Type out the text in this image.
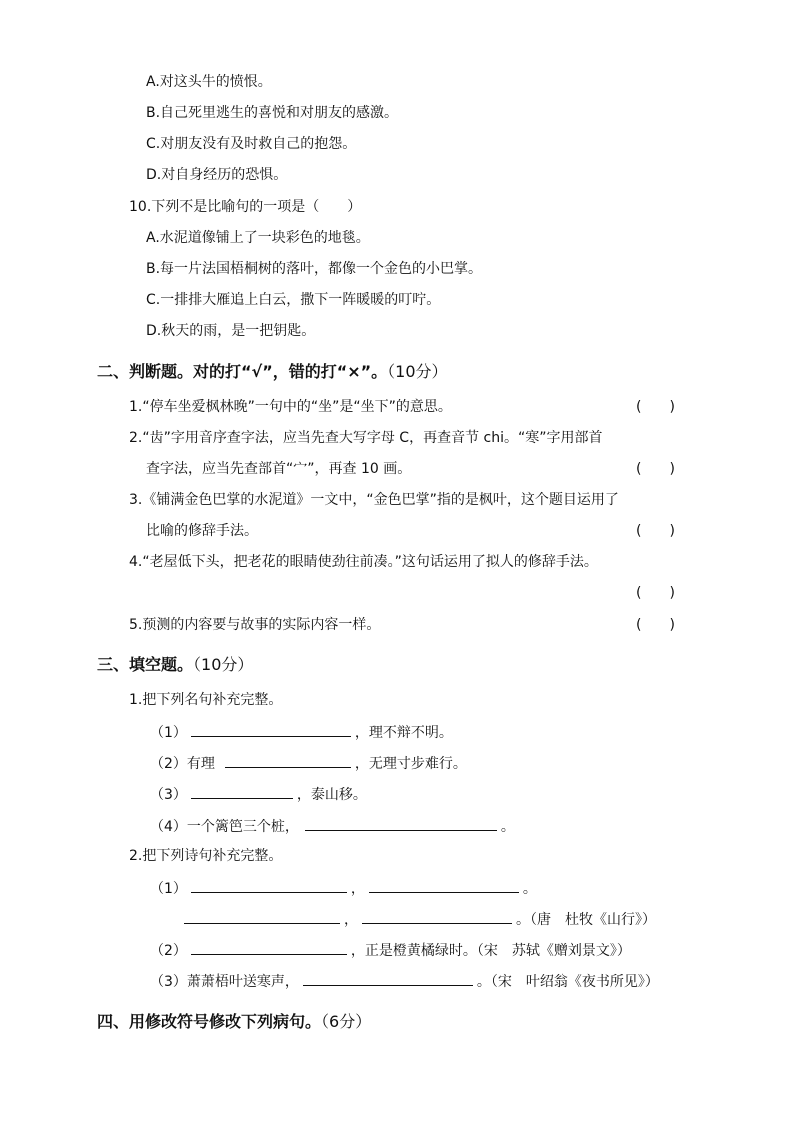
A.对这头牛的愤恨。
B.自己死里逃生的喜悦和对朋友的感激。
C.对朋友没有及时救自己的抱怨。
D.对自身经历的恐惧。
10.下列不是比喻句的一项是（　　）
A.水泥道像铺上了一块彩色的地毯。
B.每一片法国梧桐树的落叶，都像一个金色的小巴掌。
C.一排排大雁追上白云，撒下一阵暖暖的叮咛。
D.秋天的雨，是一把钥匙。
二、判断题。对的打“√”，错的打“×”。（10分）
1.“停车坐爱枫林晚”一句中的“坐”是“坐下”的意思。	(　　)
2.“齿”字用音序查字法，应当先查大写字母 C，再查音节 chi。“寒”字用部首
查字法，应当先查部首“宀”，再查 10 画。	(　　)
3.《铺满金色巴掌的水泥道》一文中，“金色巴掌”指的是枫叶，这个题目运用了
比喻的修辞手法。	(　　)
4.“老屋低下头，把老花的眼睛使劲往前凑。”这句话运用了拟人的修辞手法。
(　　)
5.预测的内容要与故事的实际内容一样。	(　　)
三、填空题。（10分）
1.把下列名句补充完整。
（1）	，理不辩不明。
（2）有理	，无理寸步难行。
（3）	，泰山移。
（4）一个篱笆三个桩，	。
2.把下列诗句补充完整。
（1）	，	。
，	。（唐　杜牧《山行》）
（2）	，正是橙黄橘绿时。（宋　苏轼《赠刘景文》）
（3）萧萧梧叶送寒声，	。（宋　叶绍翁《夜书所见》）
四、用修改符号修改下列病句。（6分）
